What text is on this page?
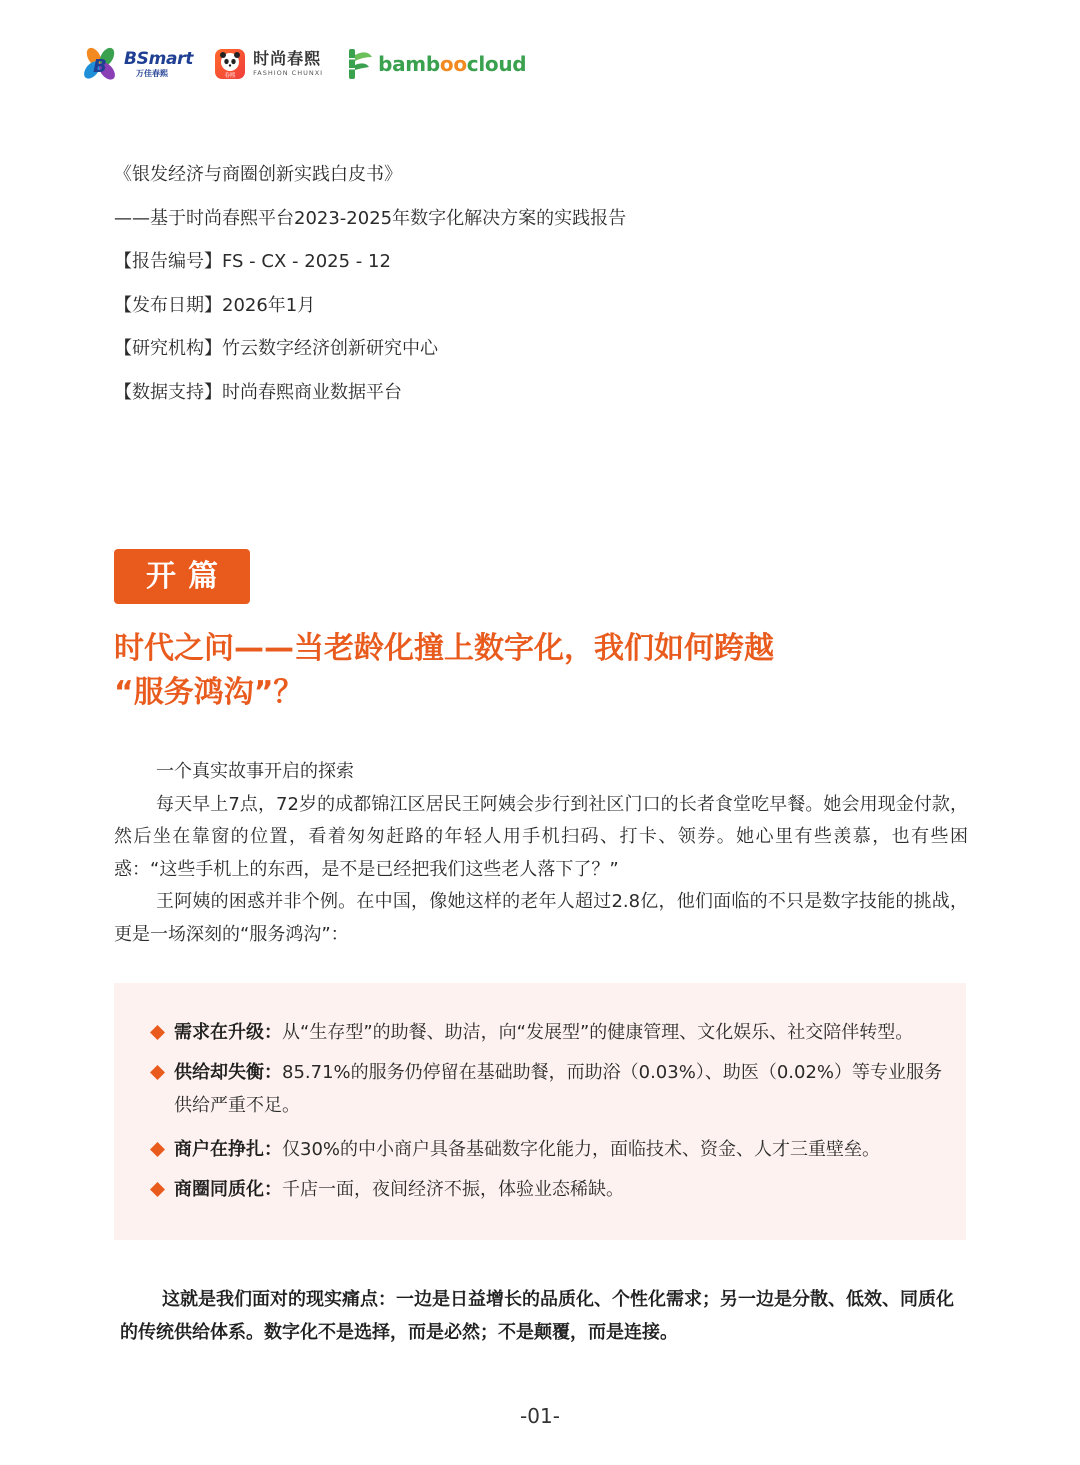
B BSmart
万佳春熙	春熙
时尚春熙
FASHION CHUNXI	bamboocloud
《银发经济与商圈创新实践白皮书》
——基于时尚春熙平台2023-2025年数字化解决方案的实践报告
【报告编号】FS - CX - 2025 - 12
【发布日期】2026年1月
【研究机构】竹云数字经济创新研究中心
【数据支持】时尚春熙商业数据平台
开篇
时代之问——当老龄化撞上数字化，我们如何跨越
“服务鸿沟”？

一个真实故事开启的探索

每天早上7点，72岁的成都锦江区居民王阿姨会步行到社区门口的长者食堂吃早餐。她会用现金付款，然后坐在靠窗的位置，看着匆匆赶路的年轻人用手机扫码、打卡、领券。她心里有些羡慕，也有些困惑：“这些手机上的东西，是不是已经把我们这些老人落下了？”

王阿姨的困惑并非个例。在中国，像她这样的老年人超过2.8亿，他们面临的不只是数字技能的挑战，更是一场深刻的“服务鸿沟”：

需求在升级：从“生存型”的助餐、助洁，向“发展型”的健康管理、文化娱乐、社交陪伴转型。
供给却失衡：85.71%的服务仍停留在基础助餐，而助浴（0.03%）、助医（0.02%）等专业服务供给严重不足。
商户在挣扎：仅30%的中小商户具备基础数字化能力，面临技术、资金、人才三重壁垒。
商圈同质化：千店一面，夜间经济不振，体验业态稀缺。

这就是我们面对的现实痛点：一边是日益增长的品质化、个性化需求；另一边是分散、低效、同质化的传统供给体系。数字化不是选择，而是必然；不是颠覆，而是连接。

-01-
